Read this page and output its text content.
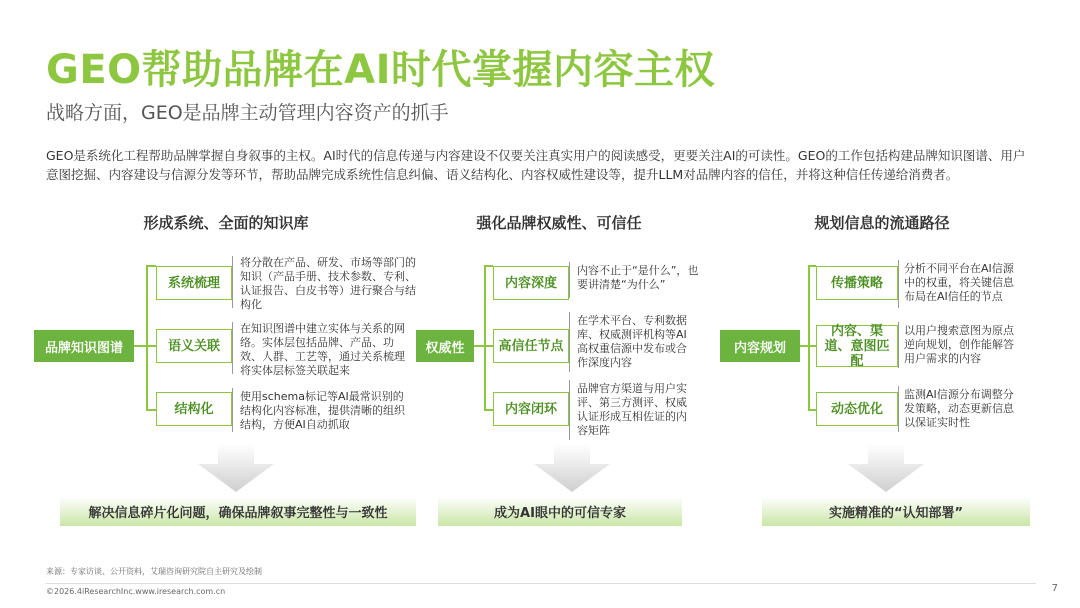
GEO帮助品牌在AI时代掌握内容主权
战略方面，GEO是品牌主动管理内容资产的抓手
GEO是系统化工程帮助品牌掌握自身叙事的主权。AI时代的信息传递与内容建设不仅要关注真实用户的阅读感受，更要关注AI的可读性。GEO的工作包括构建品牌知识图谱、用户意图挖掘、内容建设与信源分发等环节，帮助品牌完成系统性信息纠偏、语义结构化、内容权威性建设等，提升LLM对品牌内容的信任，并将这种信任传递给消费者。
形成系统、全面的知识库
品牌知识图谱
系统梳理
语义关联
结构化
将分散在产品、研发、市场等部门的知识（产品手册、技术参数、专利、认证报告、白皮书等）进行聚合与结构化
在知识图谱中建立实体与关系的网络。实体层包括品牌、产品、功效、人群、工艺等，通过关系梳理将实体层标签关联起来
使用schema标记等AI最常识别的结构化内容标准，提供清晰的组织结构，方便AI自动抓取
解决信息碎片化问题，确保品牌叙事完整性与一致性
强化品牌权威性、可信任
权威性
内容深度
高信任节点
内容闭环
内容不止于“是什么”，也要讲清楚“为什么”
在学术平台、专利数据库、权威测评机构等AI高权重信源中发布或合作深度内容
品牌官方渠道与用户实评、第三方测评、权威认证形成互相佐证的内容矩阵
成为AI眼中的可信专家
规划信息的流通路径
内容规划
传播策略
内容、渠道、意图匹配
动态优化
分析不同平台在AI信源中的权重，将关键信息布局在AI信任的节点
以用户搜索意图为原点逆向规划，创作能解答用户需求的内容
监测AI信源分布调整分发策略，动态更新信息以保证实时性
实施精准的“认知部署”
来源：专家访谈、公开资料，艾瑞咨询研究院自主研究及绘制
©2026.4iResearchInc.www.iresearch.com.cn	7
